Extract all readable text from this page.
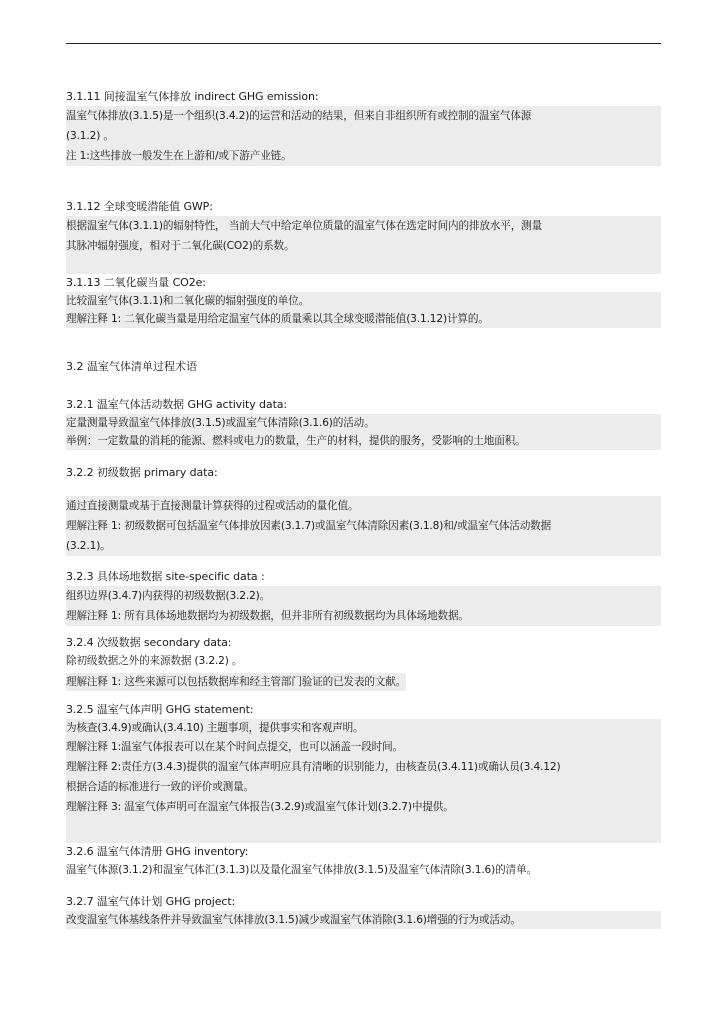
3.1.11 间接温室气体排放 indirect GHG emission:
温室气体排放(3.1.5)是一个组织(3.4.2)的运营和活动的结果，但来自非组织所有或控制的温室气体源
(3.1.2) 。
注 1:这些排放一般发生在上游和/或下游产业链。
3.1.12 全球变暖潜能值 GWP:
根据温室气体(3.1.1)的辐射特性， 当前大气中给定单位质量的温室气体在选定时间内的排放水平，测量
其脉冲辐射强度，相对于二氧化碳(CO2)的系数。
3.1.13 二氧化碳当量 CO2e:
比较温室气体(3.1.1)和二氧化碳的辐射强度的单位。
理解注释 1: 二氧化碳当量是用给定温室气体的质量乘以其全球变暖潜能值(3.1.12)计算的。
3.2 温室气体清单过程术语
3.2.1 温室气体活动数据 GHG activity data:
定量测量导致温室气体排放(3.1.5)或温室气体清除(3.1.6)的活动。
举例：一定数量的消耗的能源、燃料或电力的数量，生产的材料，提供的服务，受影响的土地面积。
3.2.2 初级数据 primary data:
通过直接测量或基于直接测量计算获得的过程或活动的量化值。
理解注释 1: 初级数据可包括温室气体排放因素(3.1.7)或温室气体清除因素(3.1.8)和/或温室气体活动数据
(3.2.1)。
3.2.3 具体场地数据 site-specific data :
组织边界(3.4.7)内获得的初级数据(3.2.2)。
理解注释 1: 所有具体场地数据均为初级数据，但并非所有初级数据均为具体场地数据。
3.2.4 次级数据 secondary data:
除初级数据之外的来源数据 (3.2.2) 。
理解注释 1: 这些来源可以包括数据库和经主管部门验证的已发表的文献。
3.2.5 温室气体声明 GHG statement:
为核查(3.4.9)或确认(3.4.10) 主题事项，提供事实和客观声明。
理解注释 1:温室气体报表可以在某个时间点提交，也可以涵盖一段时间。
理解注释 2:责任方(3.4.3)提供的温室气体声明应具有清晰的识别能力，由核查员(3.4.11)或确认员(3.4.12)
根据合适的标准进行一致的评价或测量。
理解注释 3: 温室气体声明可在温室气体报告(3.2.9)或温室气体计划(3.2.7)中提供。
3.2.6 温室气体清册 GHG inventory:
温室气体源(3.1.2)和温室气体汇(3.1.3)以及量化温室气体排放(3.1.5)及温室气体清除(3.1.6)的清单。
3.2.7 温室气体计划 GHG project:
改变温室气体基线条件并导致温室气体排放(3.1.5)减少或温室气体消除(3.1.6)增强的行为或活动。
